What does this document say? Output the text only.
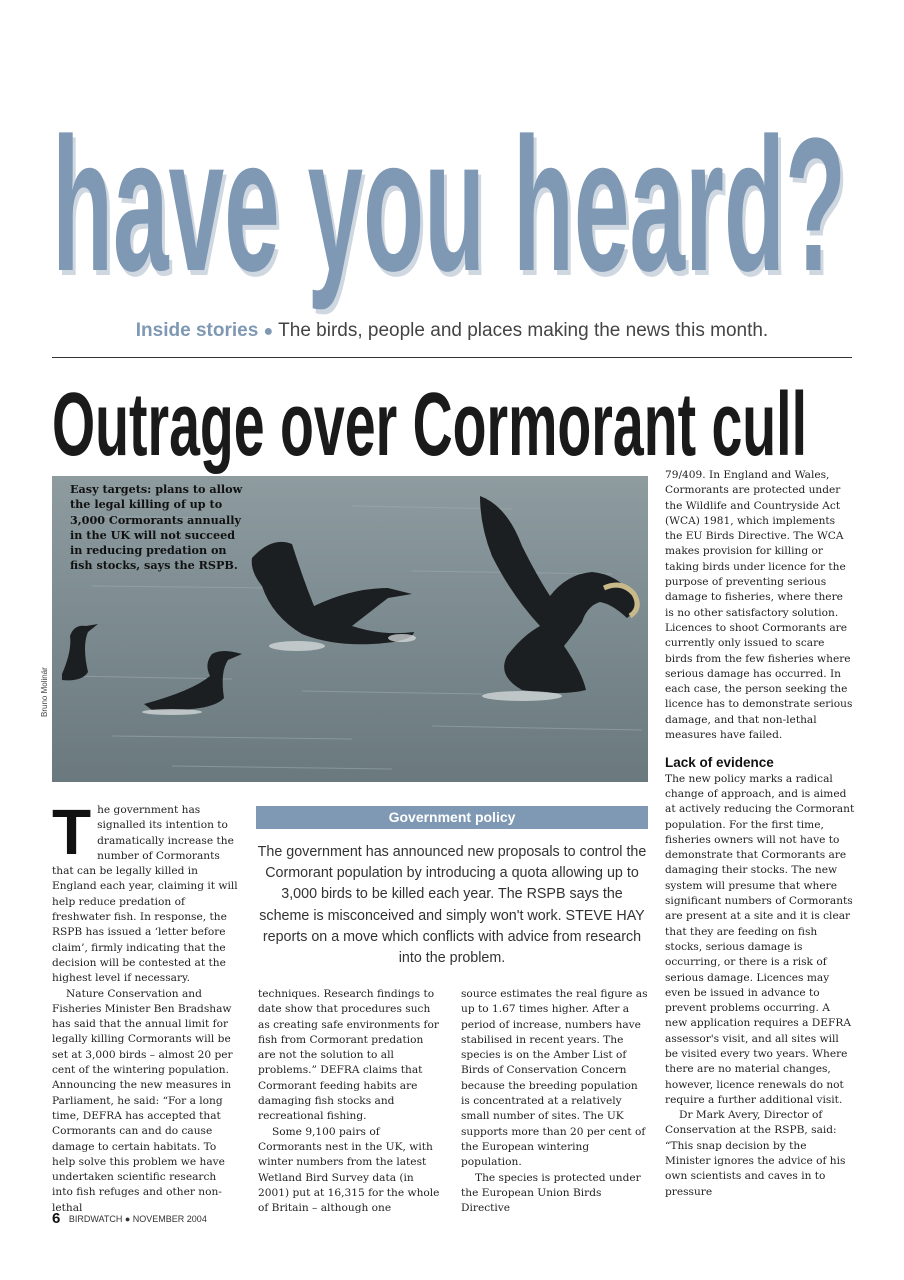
have you heard?
have you heard?
Inside stories ● The birds, people and places making the news this month.
Outrage over Cormorant cull
Easy targets: plans to allow the legal killing of up to 3,000 Cormorants annually in the UK will not succeed in reducing predation on fish stocks, says the RSPB.
Bruno Molinár
Government policy
The government has announced new proposals to control the Cormorant population by introducing a quota allowing up to 3,000 birds to be killed each year. The RSPB says the scheme is misconceived and simply won't work. STEVE HAY reports on a move which conflicts with advice from research into the problem.

The government has signalled its intention to dramatically increase the number of Cormorants that can be legally killed in England each year, claiming it will help reduce predation of freshwater fish. In response, the RSPB has issued a ‘letter before claim’, firmly indicating that the decision will be contested at the highest level if necessary.

Nature Conservation and Fisheries Minister Ben Bradshaw has said that the annual limit for legally killing Cormorants will be set at 3,000 birds – almost 20 per cent of the wintering population. Announcing the new measures in Parliament, he said: “For a long time, DEFRA has accepted that Cormorants can and do cause damage to certain habitats. To help solve this problem we have undertaken scientific research into fish refuges and other non-lethal

techniques. Research findings to date show that procedures such as creating safe environments for fish from Cormorant predation are not the solution to all problems.” DEFRA claims that Cormorant feeding habits are damaging fish stocks and recreational fishing.

Some 9,100 pairs of Cormorants nest in the UK, with winter numbers from the latest Wetland Bird Survey data (in 2001) put at 16,315 for the whole of Britain – although one

source estimates the real figure as up to 1.67 times higher. After a period of increase, numbers have stabilised in recent years. The species is on the Amber List of Birds of Conservation Concern because the breeding population is concentrated at a relatively small number of sites. The UK supports more than 20 per cent of the European wintering population.

The species is protected under the European Union Birds Directive

79/409. In England and Wales, Cormorants are protected under the Wildlife and Countryside Act (WCA) 1981, which implements the EU Birds Directive. The WCA makes provision for killing or taking birds under licence for the purpose of preventing serious damage to fisheries, where there is no other satisfactory solution. Licences to shoot Cormorants are currently only issued to scare birds from the few fisheries where serious damage has occurred. In each case, the person seeking the licence has to demonstrate serious damage, and that non-lethal measures have failed.

Lack of evidence

The new policy marks a radical change of approach, and is aimed at actively reducing the Cormorant population. For the first time, fisheries owners will not have to demonstrate that Cormorants are damaging their stocks. The new system will presume that where significant numbers of Cormorants are present at a site and it is clear that they are feeding on fish stocks, serious damage is occurring, or there is a risk of serious damage. Licences may even be issued in advance to prevent problems occurring. A new application requires a DEFRA assessor's visit, and all sites will be visited every two years. Where there are no material changes, however, licence renewals do not require a further additional visit.

Dr Mark Avery, Director of Conservation at the RSPB, said: “This snap decision by the Minister ignores the advice of his own scientists and caves in to pressure

6 BIRDWATCH ● NOVEMBER 2004
